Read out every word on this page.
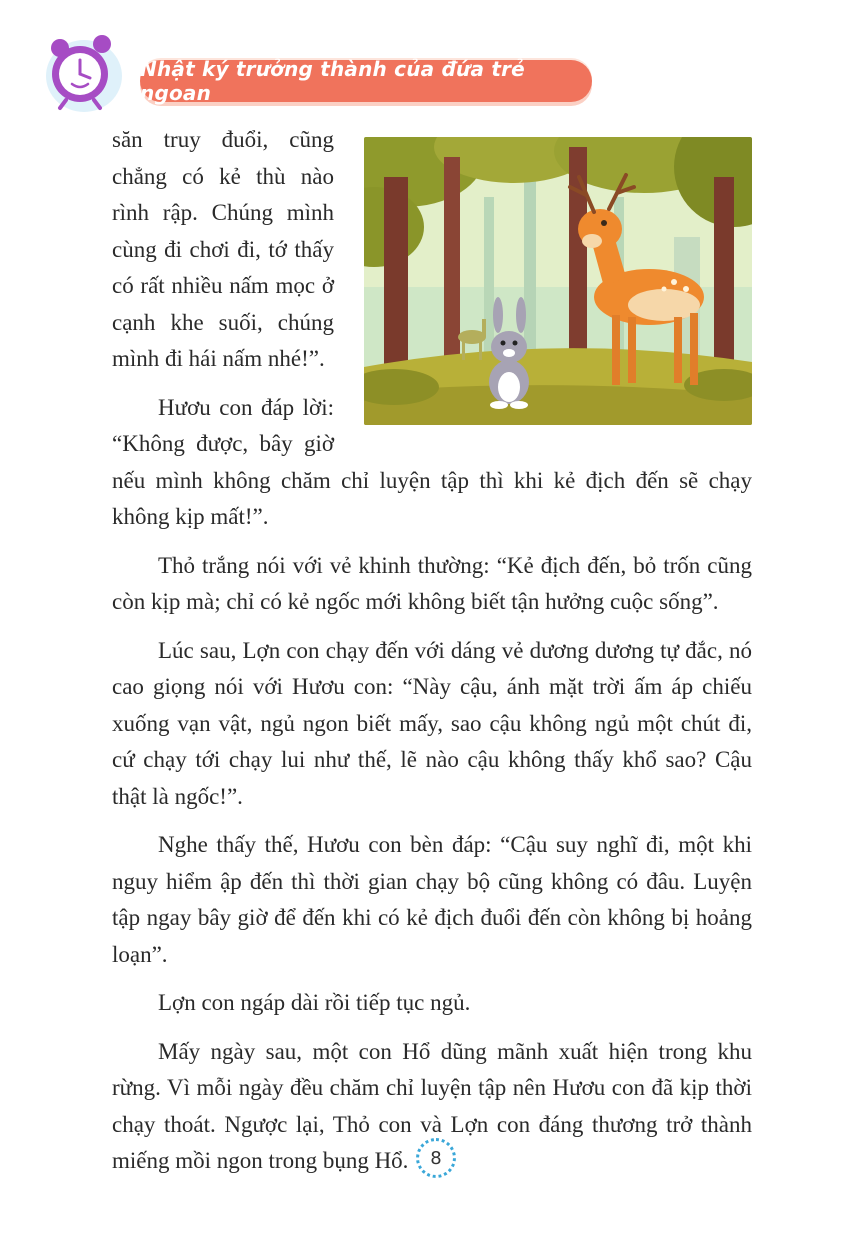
Nhật ký trưởng thành của đứa trẻ ngoan

săn truy đuổi, cũng chẳng có kẻ thù nào rình rập. Chúng mình cùng đi chơi đi, tớ thấy có rất nhiều nấm mọc ở cạnh khe suối, chúng mình đi hái nấm nhé!”.

Hươu con đáp lời: “Không được, bây giờ nếu mình không chăm chỉ luyện tập thì khi kẻ địch đến sẽ chạy không kịp mất!”.

Thỏ trắng nói với vẻ khinh thường: “Kẻ địch đến, bỏ trốn cũng còn kịp mà; chỉ có kẻ ngốc mới không biết tận hưởng cuộc sống”.

Lúc sau, Lợn con chạy đến với dáng vẻ dương dương tự đắc, nó cao giọng nói với Hươu con: “Này cậu, ánh mặt trời ấm áp chiếu xuống vạn vật, ngủ ngon biết mấy, sao cậu không ngủ một chút đi, cứ chạy tới chạy lui như thế, lẽ nào cậu không thấy khổ sao? Cậu thật là ngốc!”.

Nghe thấy thế, Hươu con bèn đáp: “Cậu suy nghĩ đi, một khi nguy hiểm ập đến thì thời gian chạy bộ cũng không có đâu. Luyện tập ngay bây giờ để đến khi có kẻ địch đuổi đến còn không bị hoảng loạn”.

Lợn con ngáp dài rồi tiếp tục ngủ.

Mấy ngày sau, một con Hổ dũng mãnh xuất hiện trong khu rừng. Vì mỗi ngày đều chăm chỉ luyện tập nên Hươu con đã kịp thời chạy thoát. Ngược lại, Thỏ con và Lợn con đáng thương trở thành miếng mồi ngon trong bụng Hổ.	8
